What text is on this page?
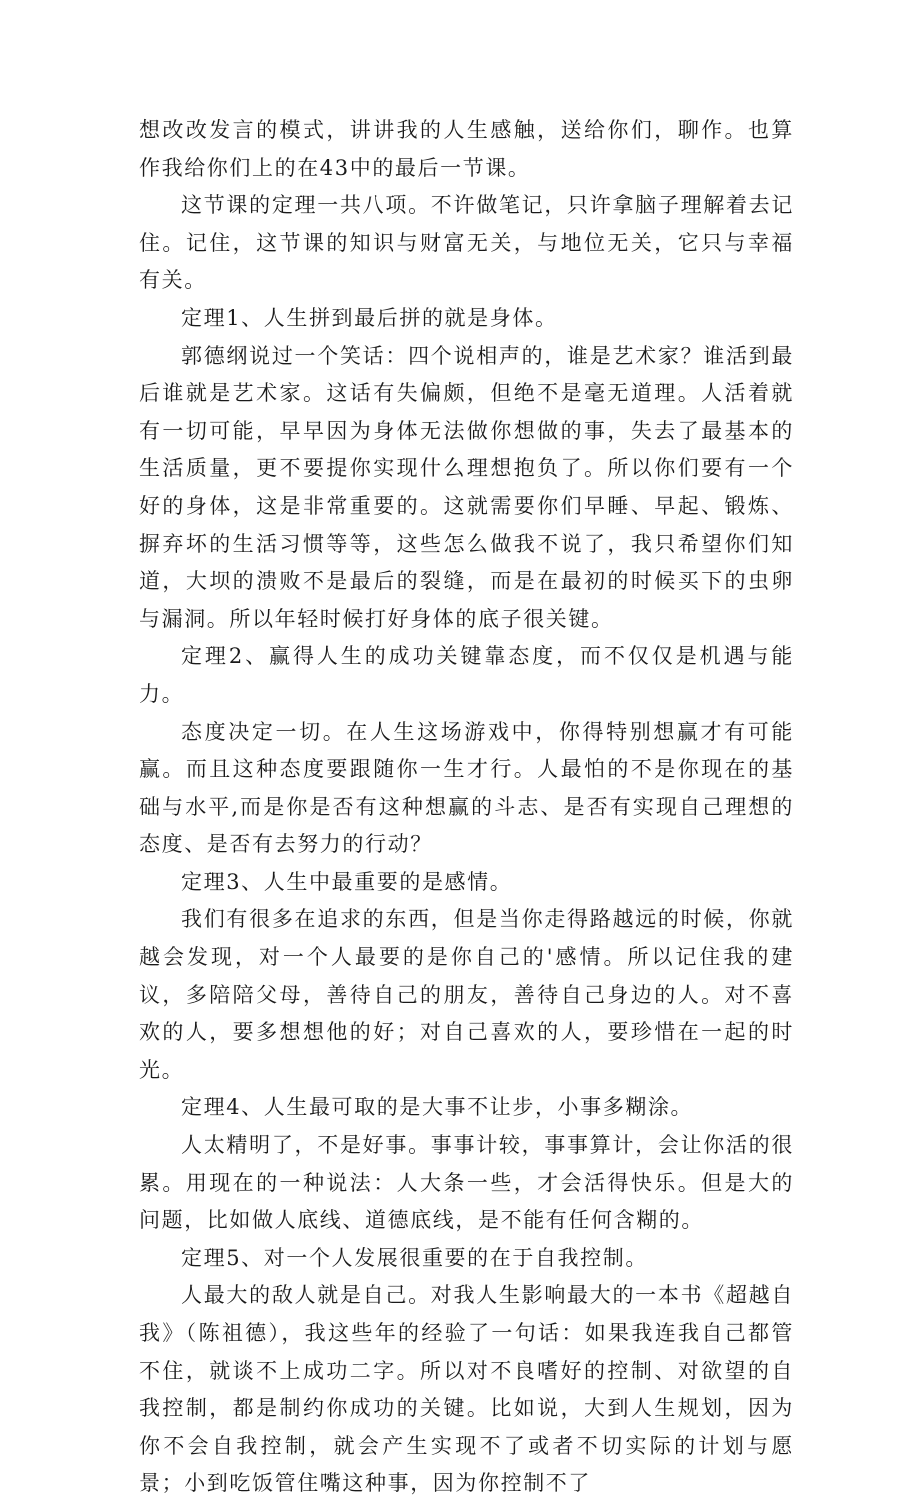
想改改发言的模式，讲讲我的人生感触，送给你们，聊作。也算作我给你们上的在43中的最后一节课。

这节课的定理一共八项。不许做笔记，只许拿脑子理解着去记住。记住，这节课的知识与财富无关，与地位无关，它只与幸福有关。

定理1、人生拼到最后拼的就是身体。

郭德纲说过一个笑话：四个说相声的，谁是艺术家？谁活到最后谁就是艺术家。这话有失偏颇，但绝不是毫无道理。人活着就有一切可能，早早因为身体无法做你想做的事，失去了最基本的生活质量，更不要提你实现什么理想抱负了。所以你们要有一个好的身体，这是非常重要的。这就需要你们早睡、早起、锻炼、摒弃坏的生活习惯等等，这些怎么做我不说了，我只希望你们知道，大坝的溃败不是最后的裂缝，而是在最初的时候买下的虫卵与漏洞。所以年轻时候打好身体的底子很关键。

定理2、赢得人生的成功关键靠态度，而不仅仅是机遇与能力。

态度决定一切。在人生这场游戏中，你得特别想赢才有可能赢。而且这种态度要跟随你一生才行。人最怕的不是你现在的基础与水平,而是你是否有这种想赢的斗志、是否有实现自己理想的态度、是否有去努力的行动？

定理3、人生中最重要的是感情。

我们有很多在追求的东西，但是当你走得路越远的时候，你就越会发现，对一个人最要的是你自己的'感情。所以记住我的建议，多陪陪父母，善待自己的朋友，善待自己身边的人。对不喜欢的人，要多想想他的好；对自己喜欢的人，要珍惜在一起的时光。

定理4、人生最可取的是大事不让步，小事多糊涂。

人太精明了，不是好事。事事计较，事事算计，会让你活的很累。用现在的一种说法：人大条一些，才会活得快乐。但是大的问题，比如做人底线、道德底线，是不能有任何含糊的。

定理5、对一个人发展很重要的在于自我控制。

人最大的敌人就是自己。对我人生影响最大的一本书《超越自我》（陈祖德），我这些年的经验了一句话：如果我连我自己都管不住，就谈不上成功二字。所以对不良嗜好的控制、对欲望的自我控制，都是制约你成功的关键。比如说，大到人生规划，因为你不会自我控制，就会产生实现不了或者不切实际的计划与愿景；小到吃饭管住嘴这种事，因为你控制不了
